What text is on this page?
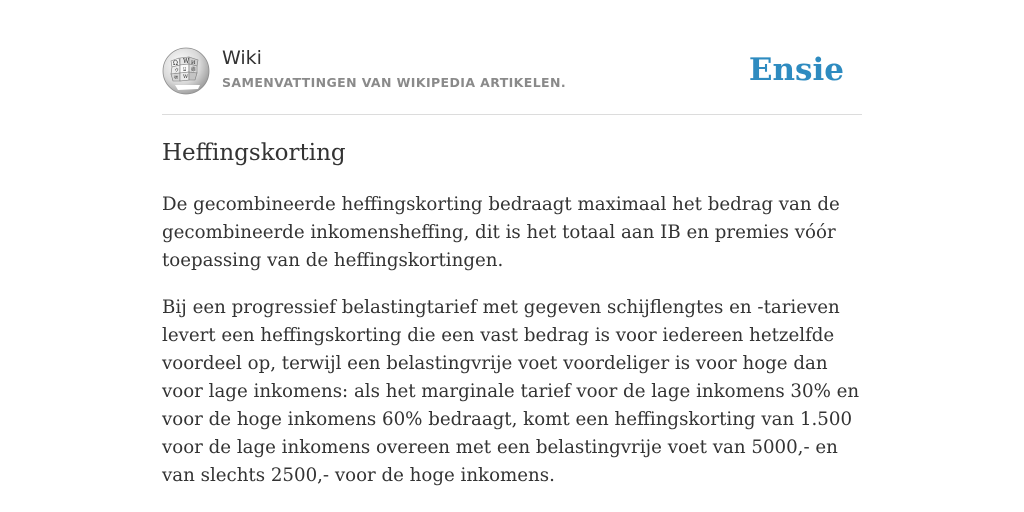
Ω W И
ウ ע 維
ज W
Wiki
SAMENVATTINGEN VAN WIKIPEDIA ARTIKELEN.	Ensie
Heffingskorting

De gecombineerde heffingskorting bedraagt maximaal het bedrag van de gecombineerde inkomensheffing, dit is het totaal aan IB en premies vóór toepassing van de heffingskortingen.

Bij een progressief belastingtarief met gegeven schijflengtes en -tarieven levert een heffingskorting die een vast bedrag is voor iedereen hetzelfde voordeel op, terwijl een belastingvrije voet voordeliger is voor hoge dan voor lage inkomens: als het marginale tarief voor de lage inkomens 30% en voor de hoge inkomens 60% bedraagt, komt een heffingskorting van 1.500 voor de lage inkomens overeen met een belastingvrije voet van 5000,- en van slechts 2500,- voor de hoge inkomens.
